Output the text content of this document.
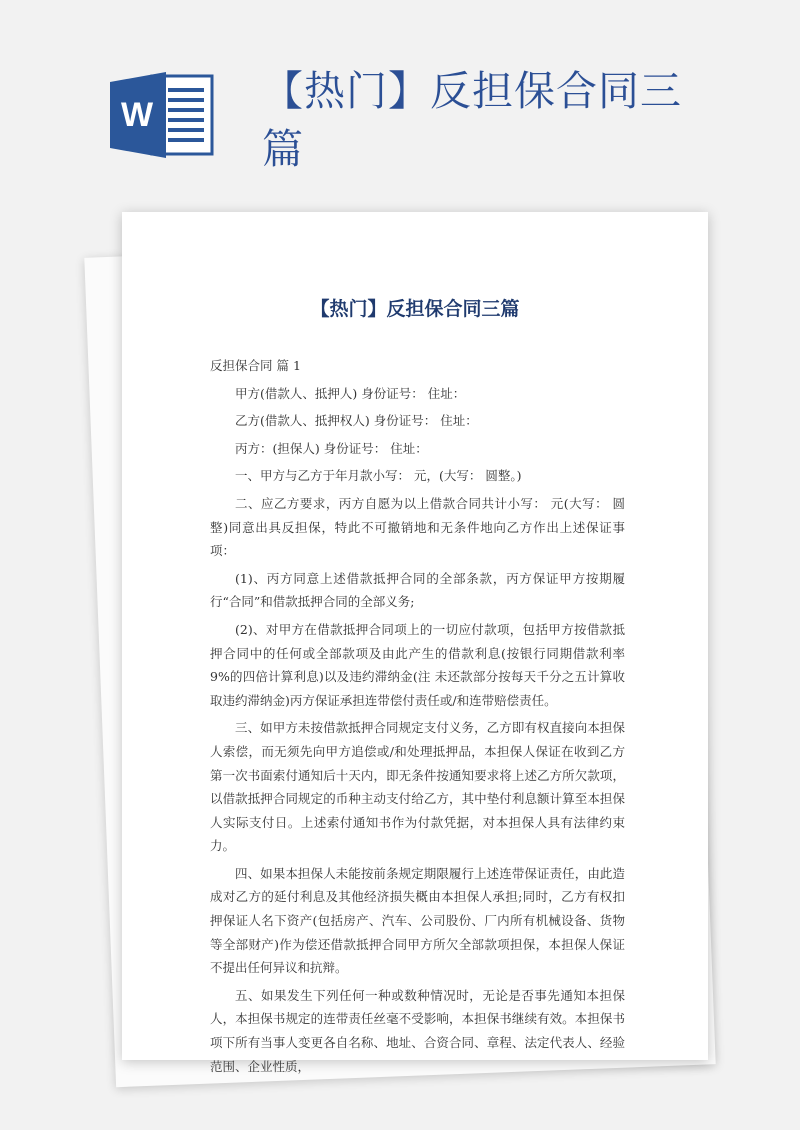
W	【热门】反担保合同三篇
【热门】反担保合同三篇

反担保合同 篇 1

甲方(借款人、抵押人) 身份证号： 住址：

乙方(借款人、抵押权人) 身份证号： 住址：

丙方：(担保人) 身份证号： 住址：

一、甲方与乙方于年月款小写： 元，(大写： 圆整。)

二、应乙方要求，丙方自愿为以上借款合同共计小写： 元(大写： 圆整)同意出具反担保，特此不可撤销地和无条件地向乙方作出上述保证事项：

(1)、丙方同意上述借款抵押合同的全部条款，丙方保证甲方按期履行“合同”和借款抵押合同的全部义务;

(2)、对甲方在借款抵押合同项上的一切应付款项，包括甲方按借款抵押合同中的任何或全部款项及由此产生的借款利息(按银行同期借款利率 9%的四倍计算利息)以及违约滞纳金(注 未还款部分按每天千分之五计算收取违约滞纳金)丙方保证承担连带偿付责任或/和连带赔偿责任。

三、如甲方未按借款抵押合同规定支付义务，乙方即有权直接向本担保人索偿，而无须先向甲方追偿或/和处理抵押品，本担保人保证在收到乙方第一次书面索付通知后十天内，即无条件按通知要求将上述乙方所欠款项，以借款抵押合同规定的币种主动支付给乙方，其中垫付利息额计算至本担保人实际支付日。上述索付通知书作为付款凭据，对本担保人具有法律约束力。

四、如果本担保人未能按前条规定期限履行上述连带保证责任，由此造成对乙方的延付利息及其他经济损失概由本担保人承担;同时，乙方有权扣押保证人名下资产(包括房产、汽车、公司股份、厂内所有机械设备、货物等全部财产)作为偿还借款抵押合同甲方所欠全部款项担保，本担保人保证不提出任何异议和抗辩。

五、如果发生下列任何一种或数种情况时，无论是否事先通知本担保人，本担保书规定的连带责任丝毫不受影响，本担保书继续有效。本担保书项下所有当事人变更各自名称、地址、合资合同、章程、法定代表人、经验范围、企业性质，
